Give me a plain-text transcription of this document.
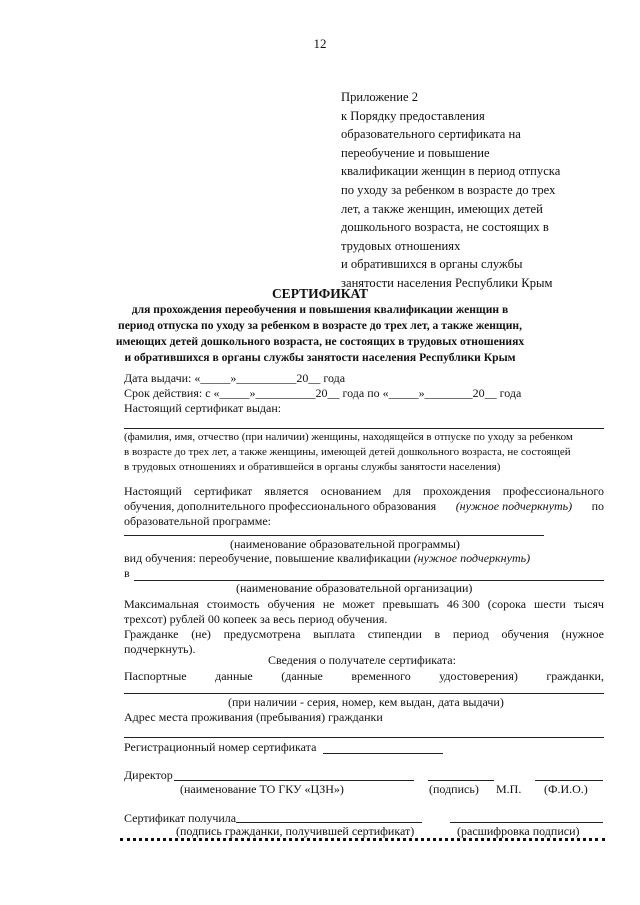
12
Приложение 2
к Порядку предоставления
образовательного сертификата на
переобучение и повышение
квалификации женщин в период отпуска
по уходу за ребенком в возрасте до трех
лет, а также женщин, имеющих детей
дошкольного возраста, не состоящих в
трудовых отношениях
и обратившихся в органы службы
занятости населения Республики Крым
СЕРТИФИКАТ
для прохождения переобучения и повышения квалификации женщин в
период отпуска по уходу за ребенком в возрасте до трех лет, а также женщин,
имеющих детей дошкольного возраста, не состоящих в трудовых отношениях
и обратившихся в органы службы занятости населения Республики Крым
Дата выдачи: «_____»__________20__ года
Срок действия: с «_____»__________20__ года по «_____»________20__ года
Настоящий сертификат выдан:
(фамилия, имя, отчество (при наличии) женщины, находящейся в отпуске по уходу за ребенком
в возрасте до трех лет, а также женщины, имеющей детей дошкольного возраста, не состоящей
в трудовых отношениях и обратившейся в органы службы занятости населения)
Настоящий сертификат является основанием для прохождения профессионального
обучения, дополнительного профессионального образования (нужное подчеркнуть) по
образовательной программе:
(наименование образовательной программы)
вид обучения: переобучение, повышение квалификации (нужное подчеркнуть)
в
(наименование образовательной организации)
Максимальная стоимость обучения не может превышать 46 300 (сорока шести тысяч
трехсот) рублей 00 копеек за весь период обучения.
Гражданке (не) предусмотрена выплата стипендии в период обучения (нужное
подчеркнуть).
Сведения о получателе сертификата:
Паспортные данные (данные временного удостоверения) гражданки,
(при наличии - серия, номер, кем выдан, дата выдачи)
Адрес места проживания (пребывания) гражданки
Регистрационный номер сертификата
Директор
(наименование ТО ГКУ «ЦЗН»)	(подпись) М.П. (Ф.И.О.)
Сертификат получила
(подпись гражданки, получившей сертификат)	(расшифровка подписи)
